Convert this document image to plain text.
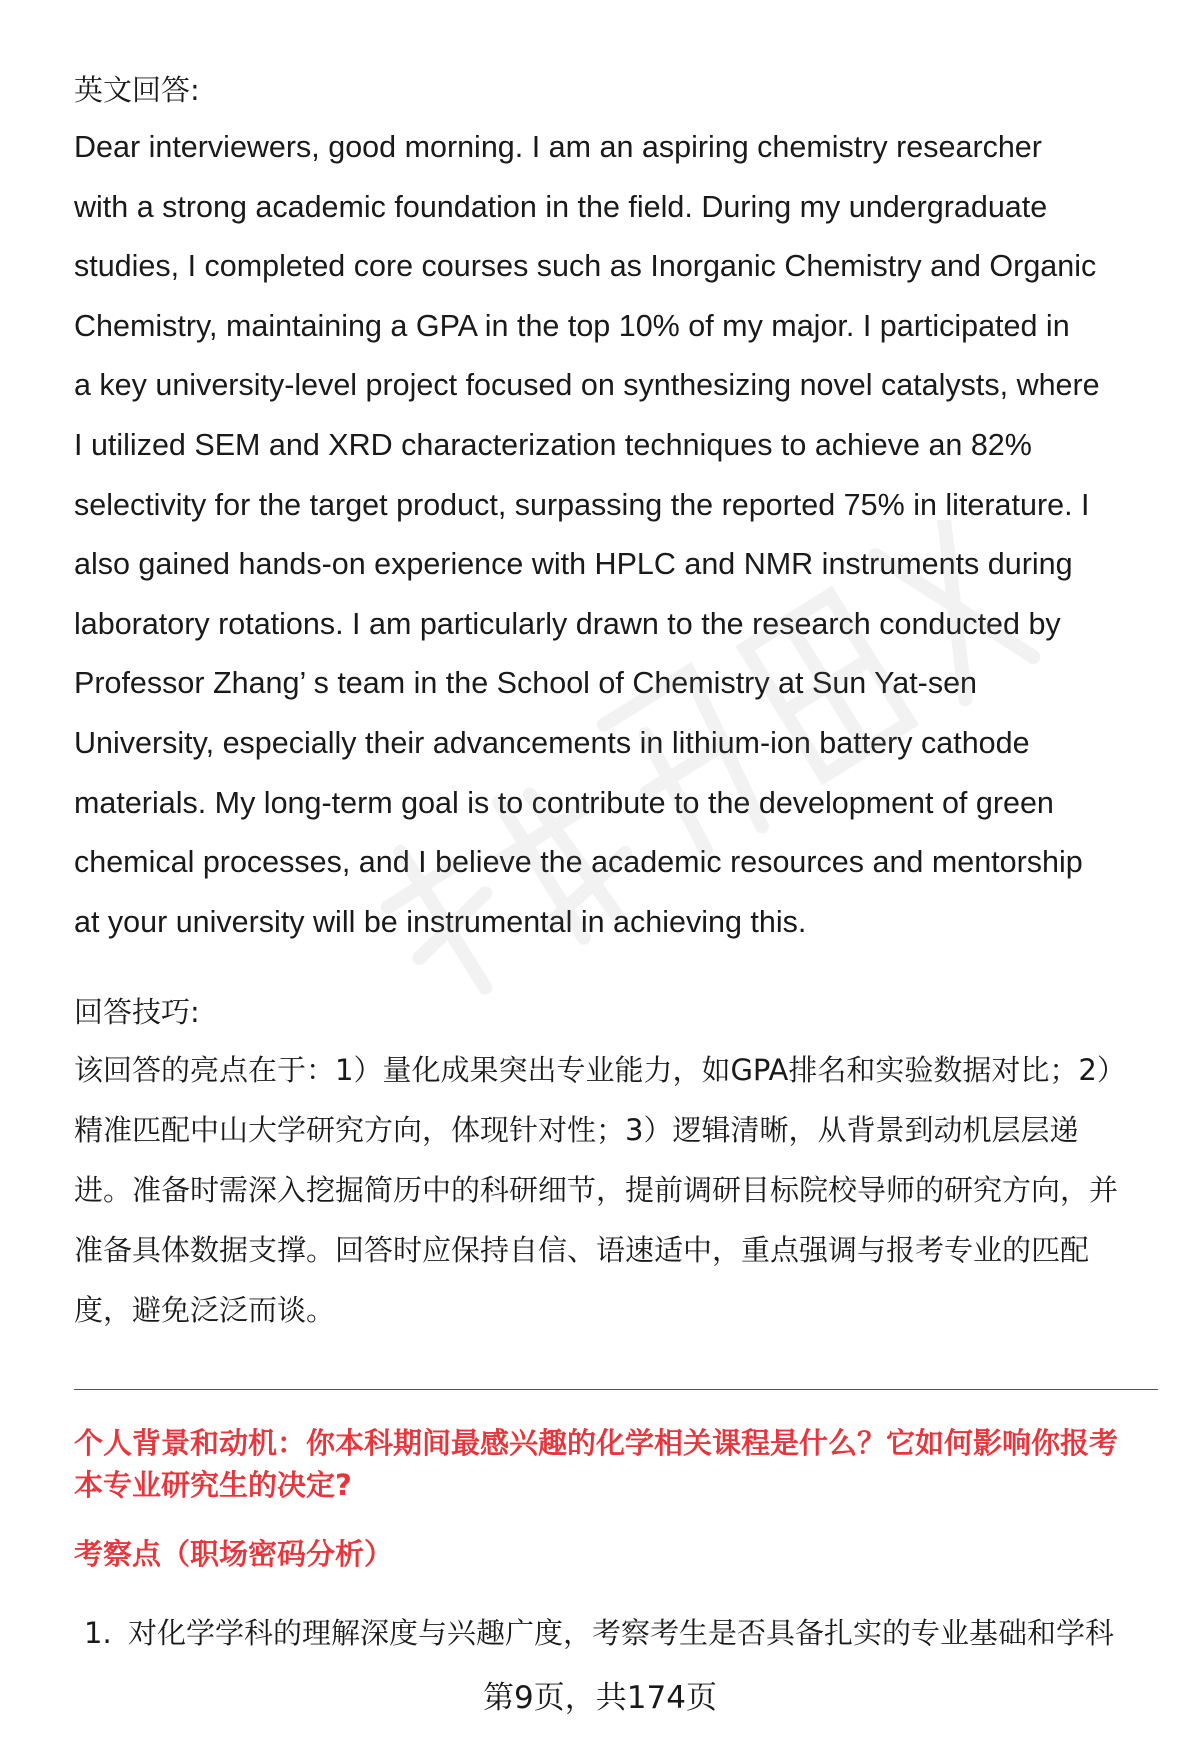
英文回答:
Dear interviewers, good morning. I am an aspiring chemistry researcher
with a strong academic foundation in the field. During my undergraduate
studies, I completed core courses such as Inorganic Chemistry and Organic
Chemistry, maintaining a GPA in the top 10% of my major. I participated in
a key university-level project focused on synthesizing novel catalysts, where
I utilized SEM and XRD characterization techniques to achieve an 82%
selectivity for the target product, surpassing the reported 75% in literature. I
also gained hands-on experience with HPLC and NMR instruments during
laboratory rotations. I am particularly drawn to the research conducted by
Professor Zhang’ s team in the School of Chemistry at Sun Yat-sen
University, especially their advancements in lithium-ion battery cathode
materials. My long-term goal is to contribute to the development of green
chemical processes, and I believe the academic resources and mentorship
at your university will be instrumental in achieving this.
回答技巧:
该回答的亮点在于：1）量化成果突出专业能力，如GPA排名和实验数据对比；2）
精准匹配中山大学研究方向，体现针对性；3）逻辑清晰，从背景到动机层层递
进。准备时需深入挖掘简历中的科研细节，提前调研目标院校导师的研究方向，并
准备具体数据支撑。回答时应保持自信、语速适中，重点强调与报考专业的匹配
度，避免泛泛而谈。
个人背景和动机：你本科期间最感兴趣的化学相关课程是什么？它如何影响你报考
本专业研究生的决定?
考察点（职场密码分析）
1. 对化学学科的理解深度与兴趣广度，考察考生是否具备扎实的专业基础和学科
第9页，共174页
